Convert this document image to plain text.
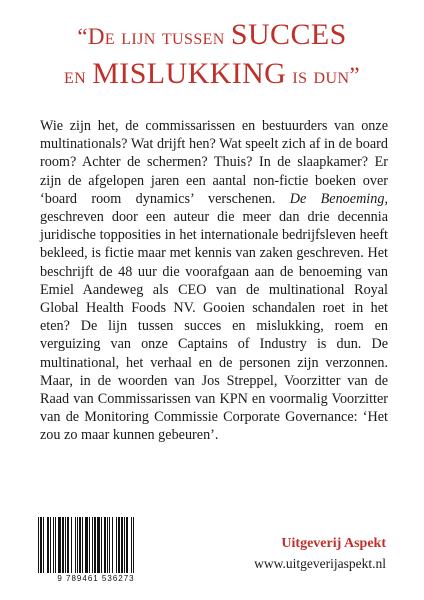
“De lijn tussen SUCCES
en MISLUKKING is dun”
Wie zijn het, de commissarissen en bestuurders van onze multinationals? Wat drijft hen? Wat speelt zich af in de board room? Achter de schermen? Thuis? In de slaapkamer? Er zijn de afgelopen jaren een aantal non-fictie boeken over ‘board room dynamics’ verschenen. De Benoeming, geschreven door een auteur die meer dan drie decennia juridische topposities in het internationale bedrijfsleven heeft bekleed, is fictie maar met kennis van zaken geschreven. Het beschrijft de 48 uur die voorafgaan aan de benoeming van Emiel Aandeweg als CEO van de multinational Royal Global Health Foods NV. Gooien schandalen roet in het eten? De lijn tussen succes en mislukking, roem en verguizing van onze Captains of Industry is dun. De multinational, het verhaal en de personen zijn verzonnen. Maar, in de woorden van Jos Streppel, Voorzitter van de Raad van Commissarissen van KPN en voormalig Voorzitter van de Monitoring Commissie Corporate Governance: ‘Het zou zo maar kunnen gebeuren’.
9 789461 536273
Uitgeverij Aspekt
www.uitgeverijaspekt.nl
